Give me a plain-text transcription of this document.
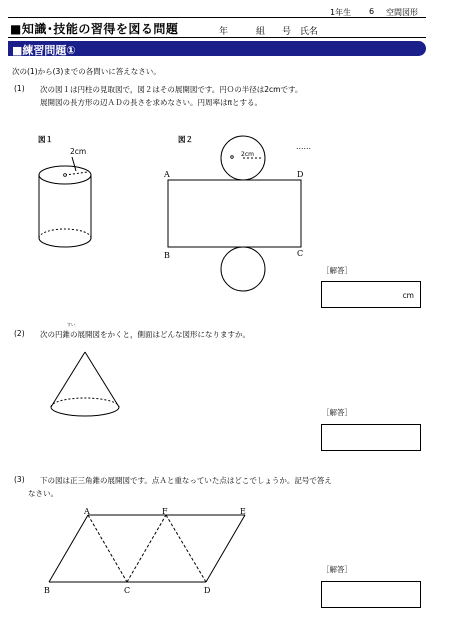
1年生 6 空間図形
■知識･技能の習得を図る問題	年	組 号 氏名
■練習問題①
次の(1)から(3)までの各問いに答えなさい。
(1) 次の図１は円柱の見取図で，図２はその展開図です。円Ｏの半径は2cmです。
展開図の長方形の辺ＡＤの長さを求めなさい。円周率はπとする。
図１	図２
2cm	2cm
……
A	D
B	C
［解答］
cm
(2)
すい
次の円錐の展開図をかくと，側面はどんな図形になりますか。
［解答］
(3) 下の図は正三角錐の展開図です。点Ａと重なっていた点はどこでしょうか。記号で答え
なさい。
A	F	E
B	C	D
［解答］
